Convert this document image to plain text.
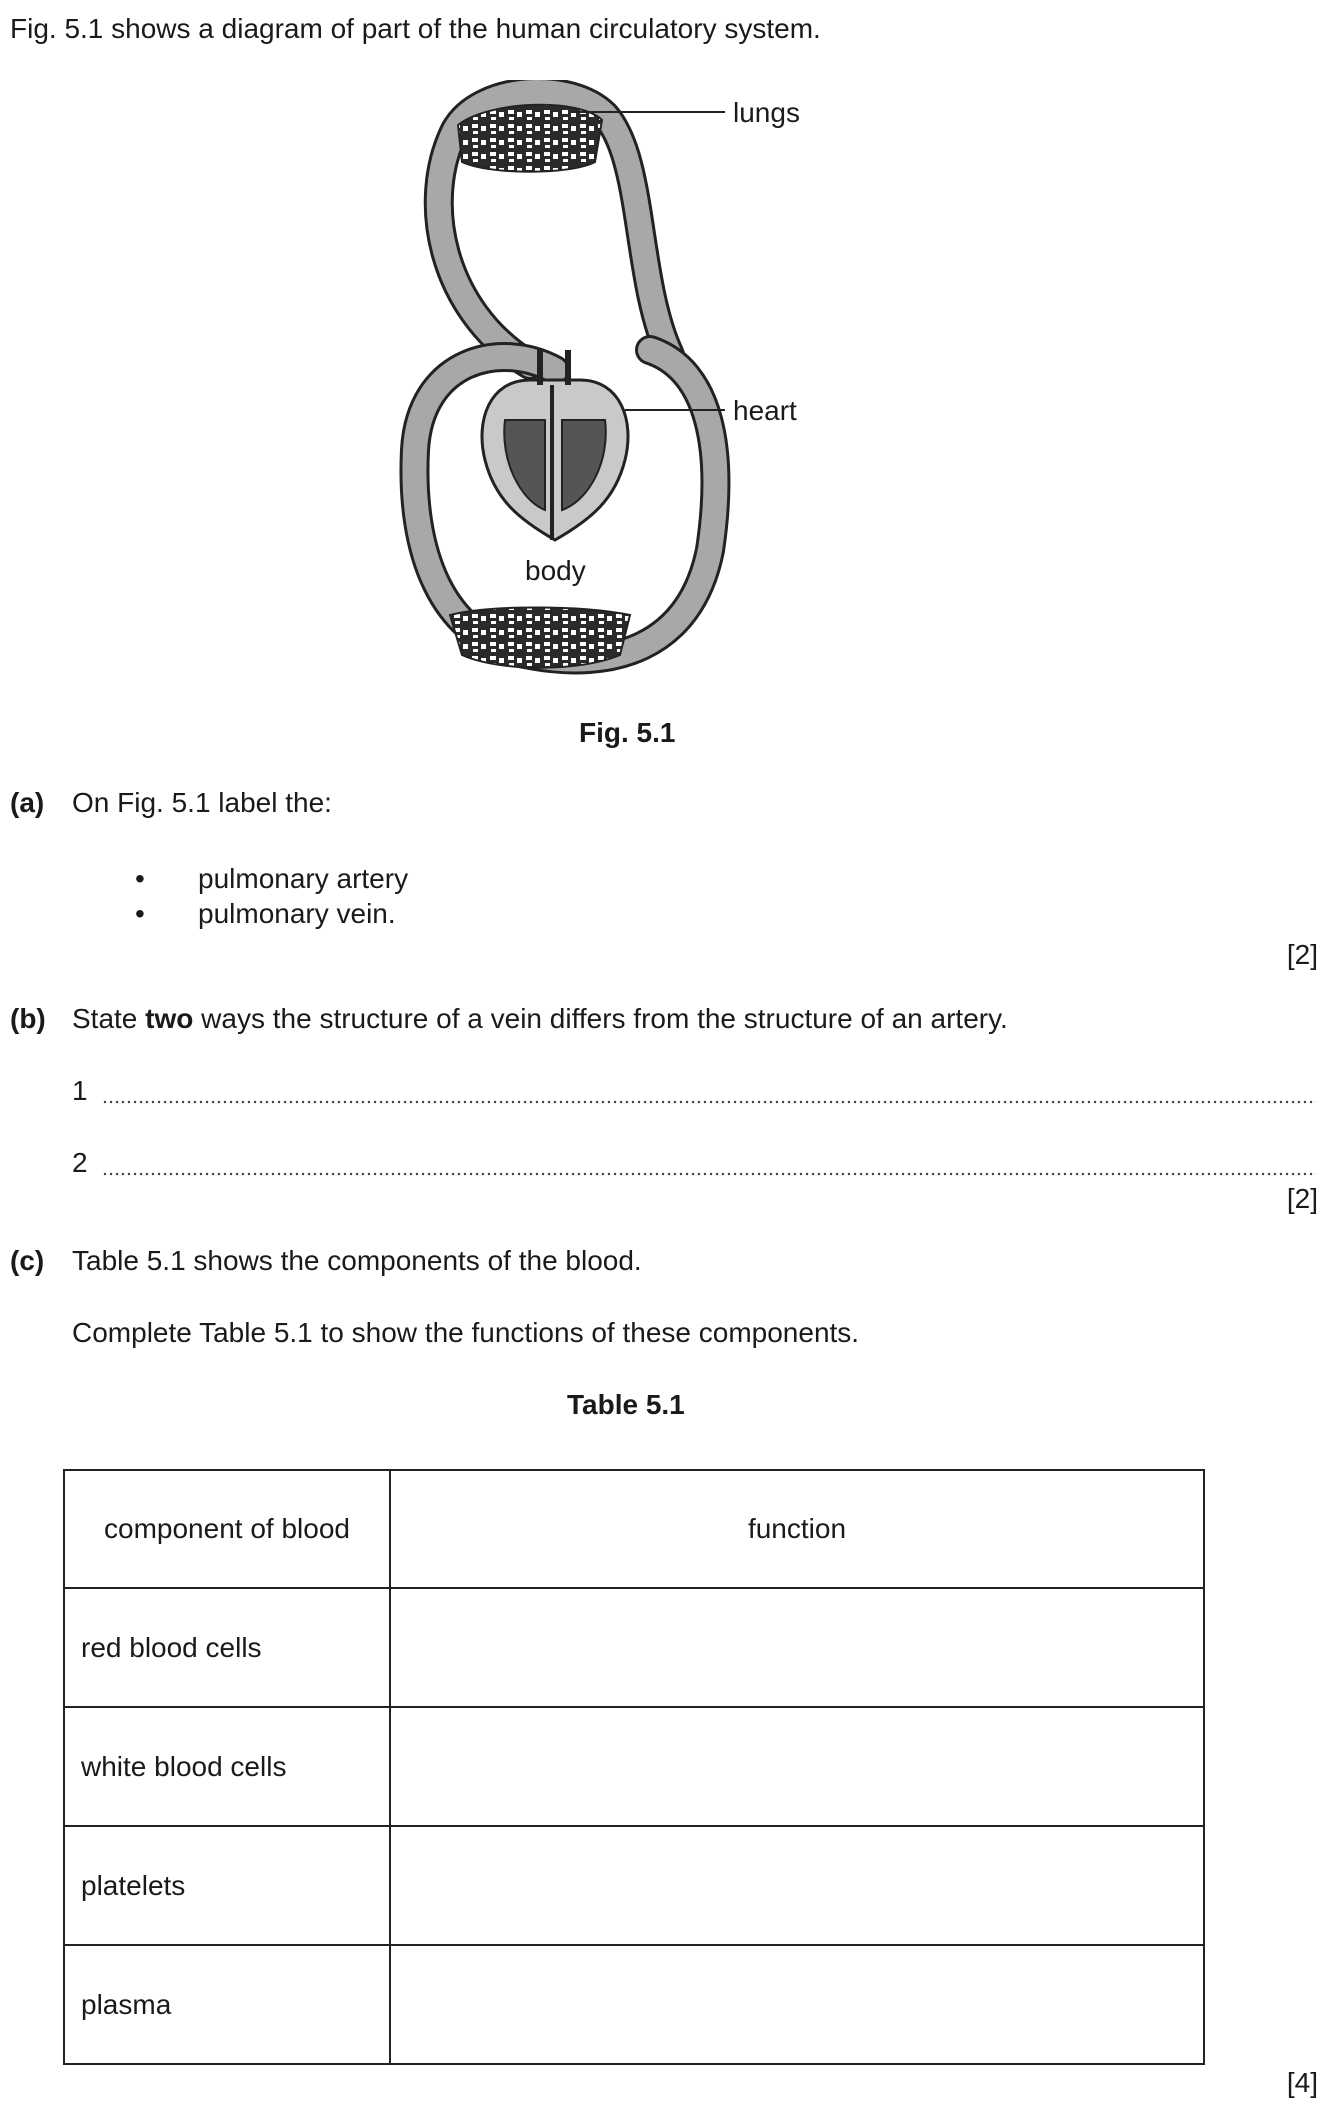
Fig. 5.1 shows a diagram of part of the human circulatory system.
lungs
heart
body
Fig. 5.1
(a) On Fig. 5.1 label the:
• pulmonary artery
• pulmonary vein.
[2]
(b) State two ways the structure of a vein differs from the structure of an artery.
1
2
[2]
(c) Table 5.1 shows the components of the blood.
Complete Table 5.1 to show the functions of these components.
Table 5.1
component of blood	function
red blood cells	
white blood cells	
platelets	
plasma	
[4]
